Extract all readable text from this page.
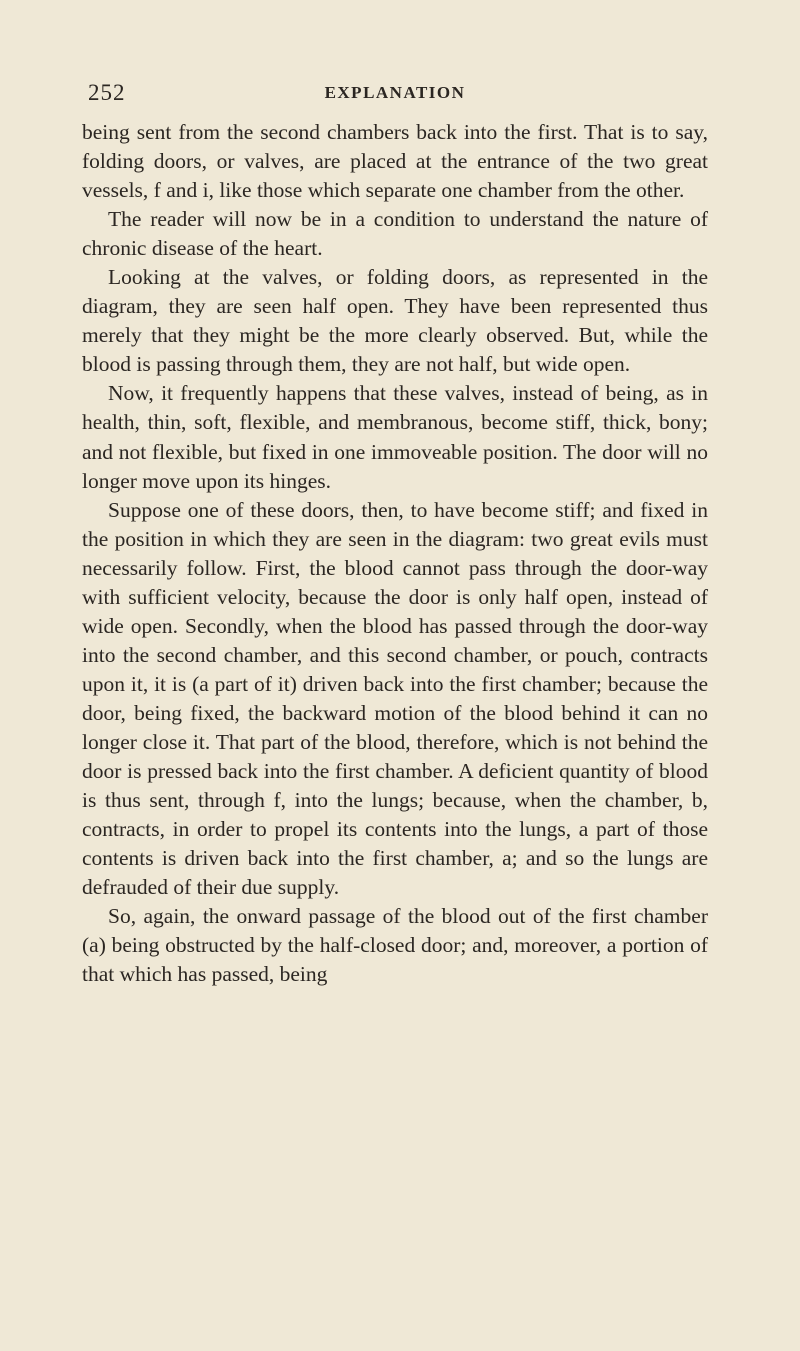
252	EXPLANATION

being sent from the second chambers back into the first. That is to say, folding doors, or valves, are placed at the entrance of the two great vessels, f and i, like those which separate one chamber from the other.

The reader will now be in a condition to understand the nature of chronic disease of the heart.

Looking at the valves, or folding doors, as represented in the diagram, they are seen half open. They have been represented thus merely that they might be the more clearly observed. But, while the blood is passing through them, they are not half, but wide open.

Now, it frequently happens that these valves, instead of being, as in health, thin, soft, flexible, and membranous, become stiff, thick, bony; and not flexible, but fixed in one immoveable position. The door will no longer move upon its hinges.

Suppose one of these doors, then, to have become stiff; and fixed in the position in which they are seen in the diagram: two great evils must necessarily follow. First, the blood cannot pass through the door-way with sufficient velocity, because the door is only half open, instead of wide open. Secondly, when the blood has passed through the door-way into the second chamber, and this second chamber, or pouch, contracts upon it, it is (a part of it) driven back into the first chamber; because the door, being fixed, the backward motion of the blood behind it can no longer close it. That part of the blood, therefore, which is not behind the door is pressed back into the first chamber. A deficient quantity of blood is thus sent, through f, into the lungs; because, when the chamber, b, contracts, in order to propel its contents into the lungs, a part of those contents is driven back into the first chamber, a; and so the lungs are defrauded of their due supply.

So, again, the onward passage of the blood out of the first chamber (a) being obstructed by the half-closed door; and, moreover, a portion of that which has passed, being
